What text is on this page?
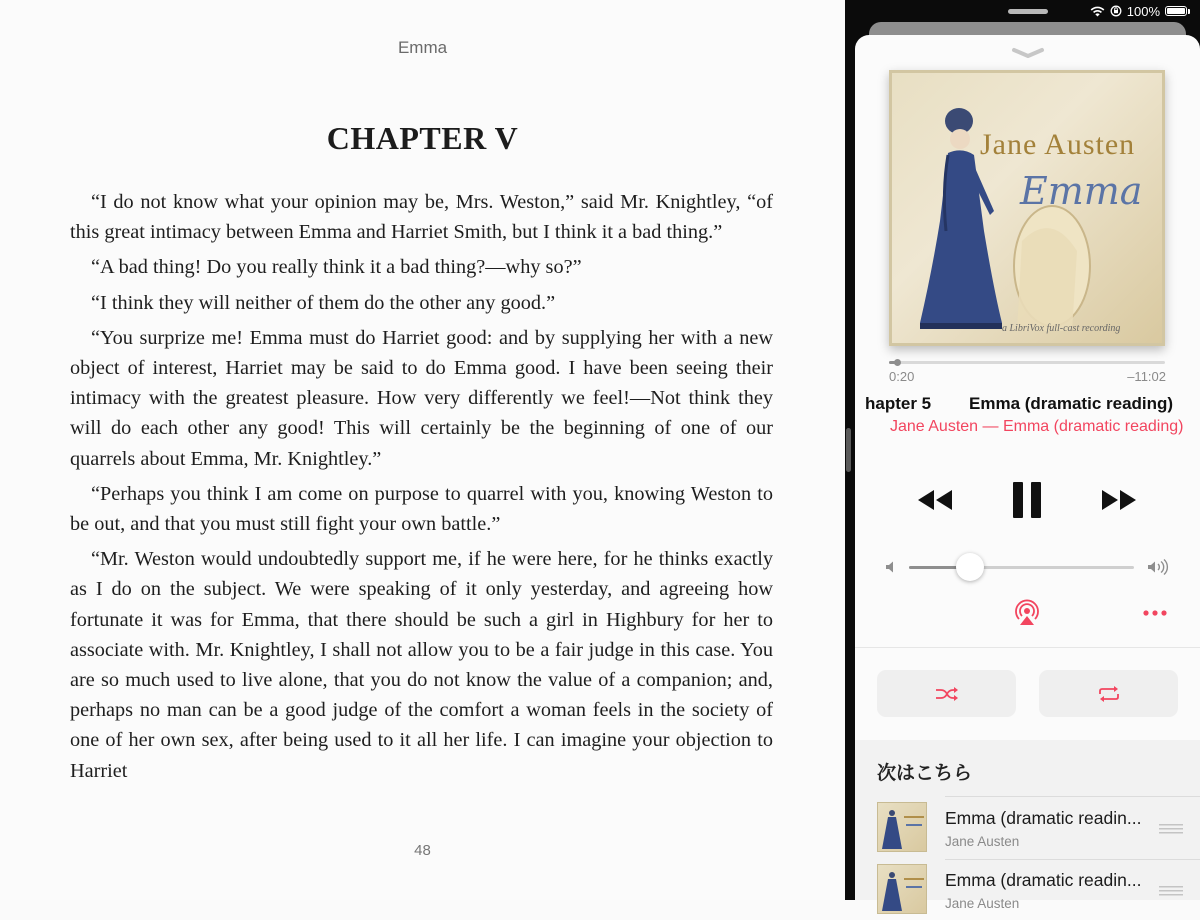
Emma
CHAPTER V

“I do not know what your opinion may be, Mrs. Weston,” said Mr. Knightley, “of this great intimacy between Emma and Harriet Smith, but I think it a bad thing.”

“A bad thing! Do you really think it a bad thing?—why so?”

“I think they will neither of them do the other any good.”

“You surprize me! Emma must do Harriet good: and by supplying her with a new object of interest, Harriet may be said to do Emma good. I have been seeing their intimacy with the greatest pleasure. How very differently we feel!—Not think they will do each other any good! This will certainly be the beginning of one of our quarrels about Emma, Mr. Knightley.”

“Perhaps you think I am come on purpose to quarrel with you, knowing Weston to be out, and that you must still fight your own battle.”

“Mr. Weston would undoubtedly support me, if he were here, for he thinks exactly as I do on the subject. We were speaking of it only yesterday, and agreeing how fortunate it was for Emma, that there should be such a girl in Highbury for her to associate with. Mr. Knightley, I shall not allow you to be a fair judge in this case. You are so much used to live alone, that you do not know the value of a companion; and, perhaps no man can be a good judge of the comfort a woman feels in the society of one of her own sex, after being used to it all her life. I can imagine your objection to Harriet

48
100%
Jane Austen
Emma
a LibriVox full-cast recording
0:20	–11:02
hapter 5 Emma (dramatic reading)
Jane Austen — Emma (dramatic reading)
次はこちら
Emma (dramatic readin...
Jane Austen
Emma (dramatic readin...
Jane Austen
